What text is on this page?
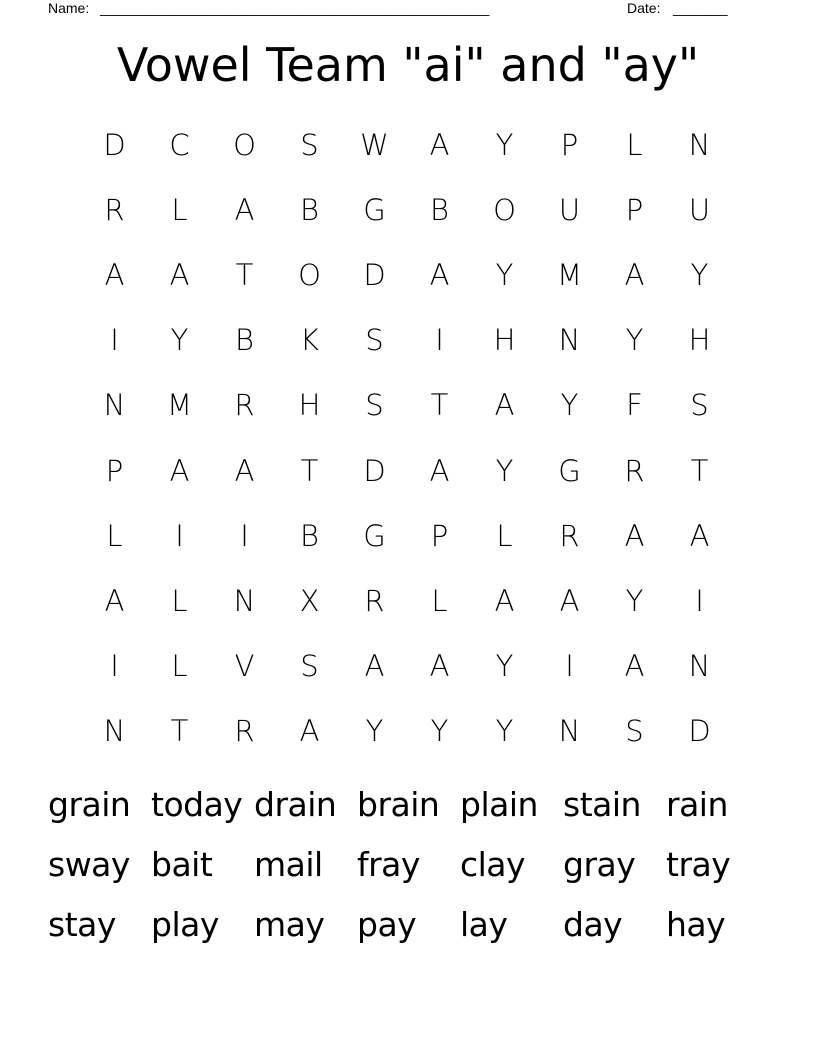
Name: __________________________________________________	Date: _______
Vowel Team "ai" and "ay"
D	C	O	S	W	A	Y	P	L	N
R	L	A	B	G	B	O	U	P	U
A	A	T	O	D	A	Y	M	A	Y
I	Y	B	K	S	I	H	N	Y	H
N	M	R	H	S	T	A	Y	F	S
P	A	A	T	D	A	Y	G	R	T
L	I	I	B	G	P	L	R	A	A
A	L	N	X	R	L	A	A	Y	I
I	L	V	S	A	A	Y	I	A	N
N	T	R	A	Y	Y	Y	N	S	D
grain today drain brain plain stain rain
sway bait mail fray clay gray tray
stay play may pay lay day hay
